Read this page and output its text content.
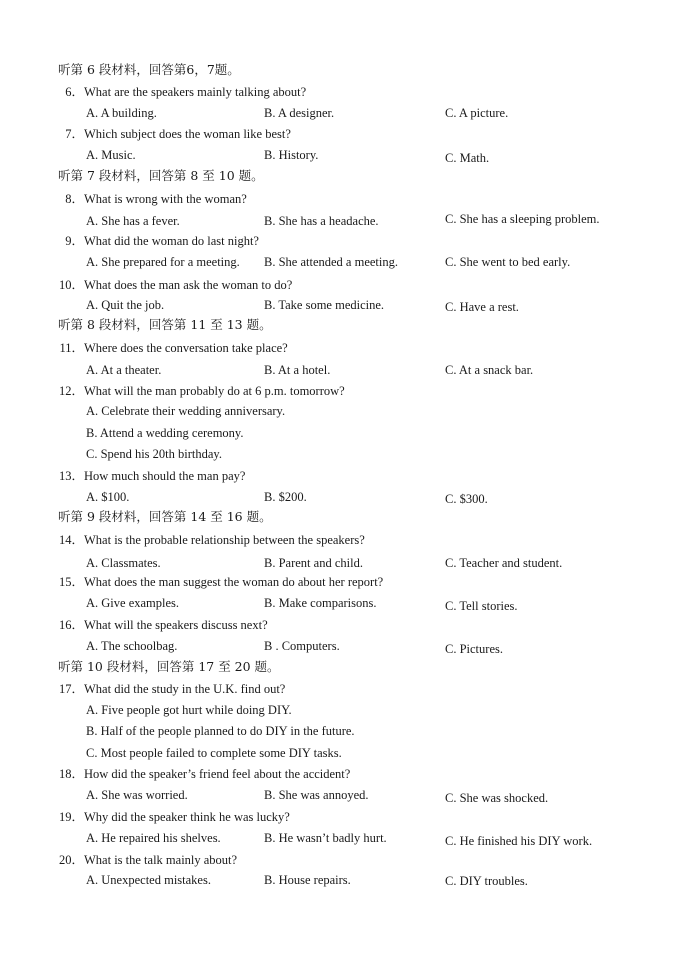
听第 6 段材料，回答第6，7题。
6．What are the speakers mainly talking about?
A. A building.	B. A designer.	C. A picture.
7．Which subject does the woman like best?
A. Music.	B. History.	C. Math.
听第 7 段材料，回答第 8 至 10 题。
8．What is wrong with the woman?
A. She has a fever.	B. She has a headache.	C. She has a sleeping problem.
9．What did the woman do last night?
A. She prepared for a meeting. B. She attended a meeting.	C. She went to bed early.
10．What does the man ask the woman to do?
A. Quit the job.	B. Take some medicine.	C. Have a rest.
听第 8 段材料，回答第 11 至 13 题。
11．Where does the conversation take place?
A. At a theater.	B. At a hotel.	C. At a snack bar.
12．What will the man probably do at 6 p.m. tomorrow?
A. Celebrate their wedding anniversary.
B. Attend a wedding ceremony.
C. Spend his 20th birthday.
13．How much should the man pay?
A. $100.	B. $200.	C. $300.
听第 9 段材料，回答第 14 至 16 题。
14．What is the probable relationship between the speakers?
A. Classmates.	B. Parent and child.	C. Teacher and student.
15．What does the man suggest the woman do about her report?
A. Give examples.	B. Make comparisons.	C. Tell stories.
16．What will the speakers discuss next?
A. The schoolbag.	B . Computers.	C. Pictures.
听第 10 段材料，回答第 17 至 20 题。
17．What did the study in the U.K. find out?
A. Five people got hurt while doing DIY.
B. Half of the people planned to do DIY in the future.
C. Most people failed to complete some DIY tasks.
18．How did the speaker’s friend feel about the accident?
A. She was worried.	B. She was annoyed.	C. She was shocked.
19．Why did the speaker think he was lucky?
A. He repaired his shelves.	B. He wasn’t badly hurt.	C. He finished his DIY work.
20．What is the talk mainly about?
A. Unexpected mistakes.	B. House repairs.	C. DIY troubles.
